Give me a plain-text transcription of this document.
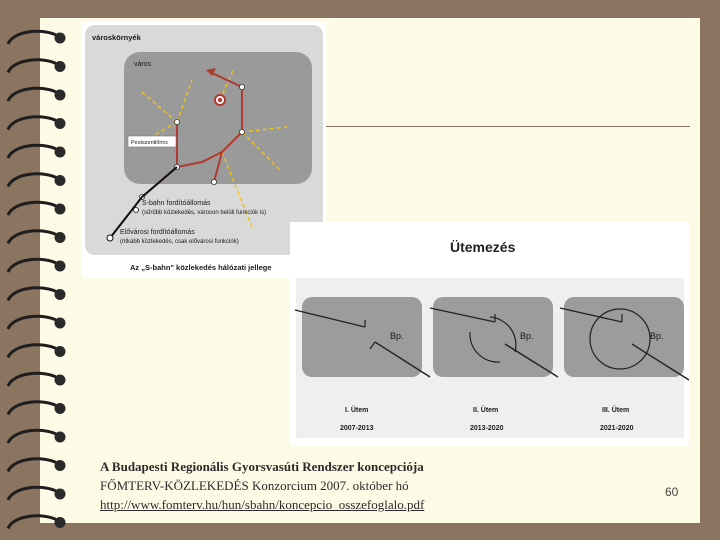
városkörnyék
város
Pestszentlőrinc
S-bahn fordítóállomás
(sűrűbb közlekedés, városon belüli funkciók is)
Elővárosi fordítóállomás
(ritkább közlekedés, csak elővárosi funkciók)
Az „S-bahn" közlekedés hálózati jellege
Ütemezés
Bp.
I. Ütem
2007-2013
Bp.
II. Ütem
2013-2020
Bp.
III. Ütem
2021-2020
A Budapesti Regionális Gyorsvasúti Rendszer koncepciója
FŐMTERV-KÖZLEKEDÉS Konzorcium 2007. október hó
http://www.fomterv.hu/hun/sbahn/koncepcio_osszefoglalo.pdf
60
